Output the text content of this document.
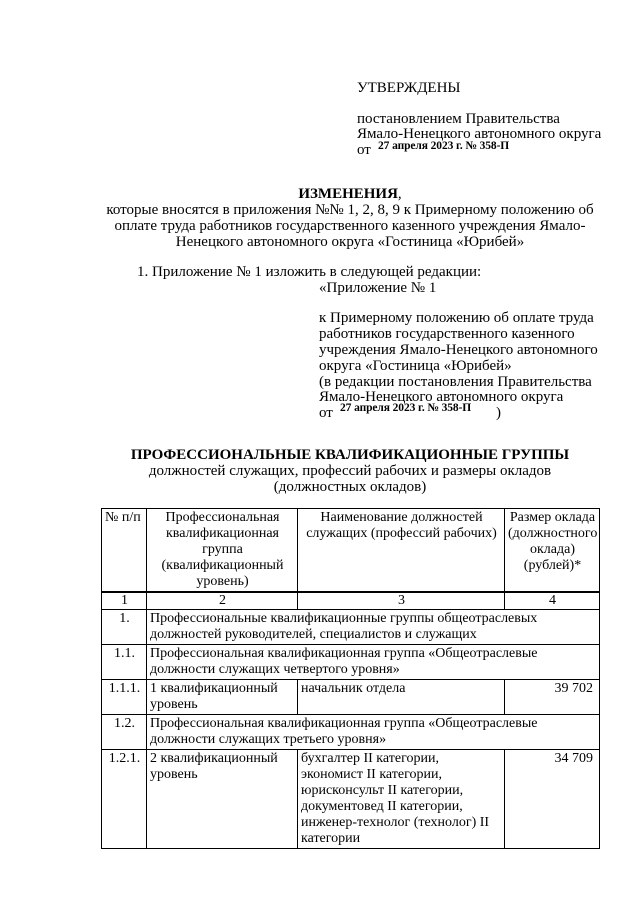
УТВЕРЖДЕНЫ
постановлением Правительства
Ямало-Ненецкого автономного округа
от 27 апреля 2023 г. № 358-П
ИЗМЕНЕНИЯ,
которые вносятся в приложения №№ 1, 2, 8, 9 к Примерному положению об
оплате труда работников государственного казенного учреждения Ямало-
Ненецкого автономного округа «Гостиница «Юрибей»
1. Приложение № 1 изложить в следующей редакции:
«Приложение № 1
к Примерному положению об оплате труда
работников государственного казенного
учреждения Ямало-Ненецкого автономного
округа «Гостиница «Юрибей»
(в редакции постановления Правительства
Ямало-Ненецкого автономного округа
от 27 апреля 2023 г. № 358-П )
ПРОФЕССИОНАЛЬНЫЕ КВАЛИФИКАЦИОННЫЕ ГРУППЫ
должностей служащих, профессий рабочих и размеры окладов
(должностных окладов)
№ п/п	Профессиональная квалификационная группа (квалификационный уровень)	Наименование должностей служащих (профессий рабочих)	Размер оклада (должностного оклада) (рублей)*
1	2	3	4
1.	Профессиональные квалификационные группы общеотраслевых должностей руководителей, специалистов и служащих		
1.1.	Профессиональная квалификационная группа «Общеотраслевые должности служащих четвертого уровня»		
1.1.1.	1 квалификационный уровень	начальник отдела	39 702
1.2.	Профессиональная квалификационная группа «Общеотраслевые должности служащих третьего уровня»		
1.2.1.	2 квалификационный уровень	бухгалтер II категории, экономист II категории, юрисконсульт II категории, документовед II категории, инженер-технолог (технолог) II категории	34 709
